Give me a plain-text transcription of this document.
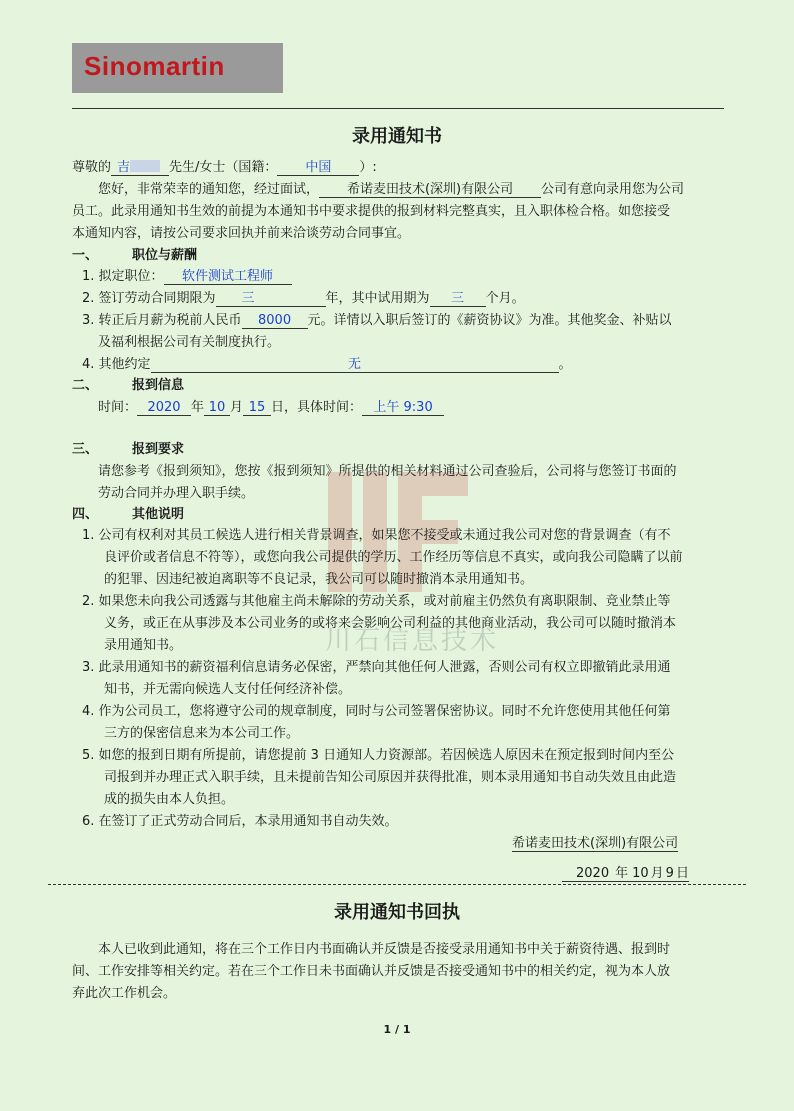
Sinomartin
川石信息技术
录用通知书
尊敬的 吉	先生/女士（国籍： 中国 ）:
您好，非常荣幸的通知您，经过面试， 希诺麦田技术(深圳)有限公司 公司有意向录用您为公司
员工。此录用通知书生效的前提为本通知书中要求提供的报到材料完整真实，且入职体检合格。如您接受
本通知内容，请按公司要求回执并前来洽谈劳动合同事宜。
一、	职位与薪酬
1. 拟定职位： 软件测试工程师
2. 签订劳动合同期限为 三	年，其中试用期为 三 个月。
3. 转正后月薪为税前人民币 8000 元。详情以入职后签订的《薪资协议》为准。其他奖金、补贴以
及福利根据公司有关制度执行。
4. 其他约定	无	。
二、	报到信息
时间： 2020 年 10 月 15 日，具体时间： 上午 9:30
三、	报到要求
请您参考《报到须知》，您按《报到须知》所提供的相关材料通过公司查验后，公司将与您签订书面的
劳动合同并办理入职手续。
四、	其他说明
1. 公司有权利对其员工候选人进行相关背景调查，如果您不接受或未通过我公司对您的背景调查（有不
良评价或者信息不符等），或您向我公司提供的学历、工作经历等信息不真实，或向我公司隐瞒了以前
的犯罪、因违纪被迫离职等不良记录，我公司可以随时撤消本录用通知书。
2. 如果您未向我公司透露与其他雇主尚未解除的劳动关系，或对前雇主仍然负有离职限制、竞业禁止等
义务，或正在从事涉及本公司业务的或将来会影响公司利益的其他商业活动，我公司可以随时撤消本
录用通知书。
3. 此录用通知书的薪资福利信息请务必保密，严禁向其他任何人泄露，否则公司有权立即撤销此录用通
知书，并无需向候选人支付任何经济补偿。
4. 作为公司员工，您将遵守公司的规章制度，同时与公司签署保密协议。同时不允许您使用其他任何第
三方的保密信息来为本公司工作。
5. 如您的报到日期有所提前，请您提前 3 日通知人力资源部。若因候选人原因未在预定报到时间内至公
司报到并办理正式入职手续，且未提前告知公司原因并获得批准，则本录用通知书自动失效且由此造
成的损失由本人负担。
6. 在签订了正式劳动合同后，本录用通知书自动失效。
希诺麦田技术(深圳)有限公司
2020 年 10 月 9 日
录用通知书回执
本人已收到此通知，将在三个工作日内书面确认并反馈是否接受录用通知书中关于薪资待遇、报到时
间、工作安排等相关约定。若在三个工作日未书面确认并反馈是否接受通知书中的相关约定，视为本人放
弃此次工作机会。
1 / 1
